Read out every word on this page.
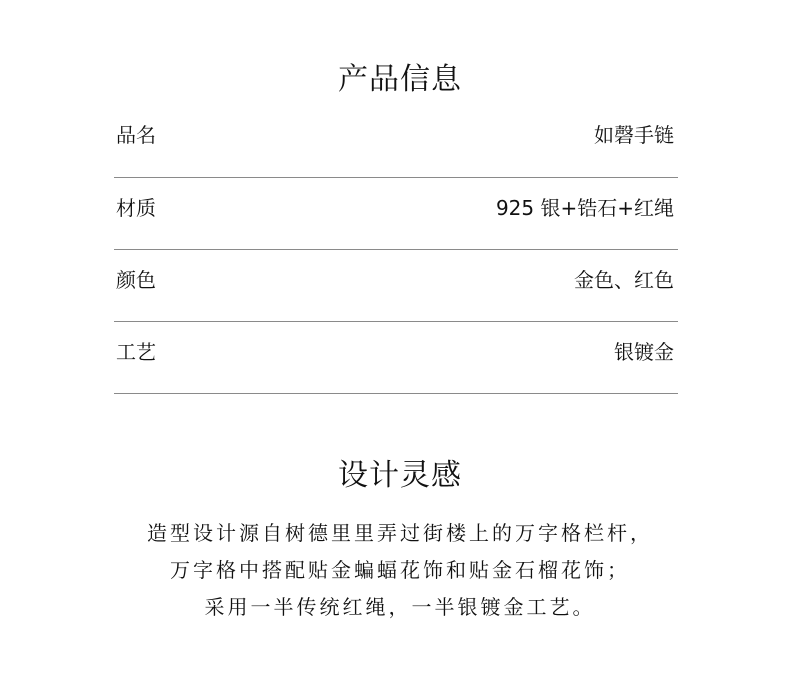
产品信息
品名	如磬手链
材质	925 银+锆石+红绳
颜色	金色、红色
工艺	银镀金
设计灵感

造型设计源自树德里里弄过街楼上的万字格栏杆，

万字格中搭配贴金蝙蝠花饰和贴金石榴花饰；

采用一半传统红绳，一半银镀金工艺。
